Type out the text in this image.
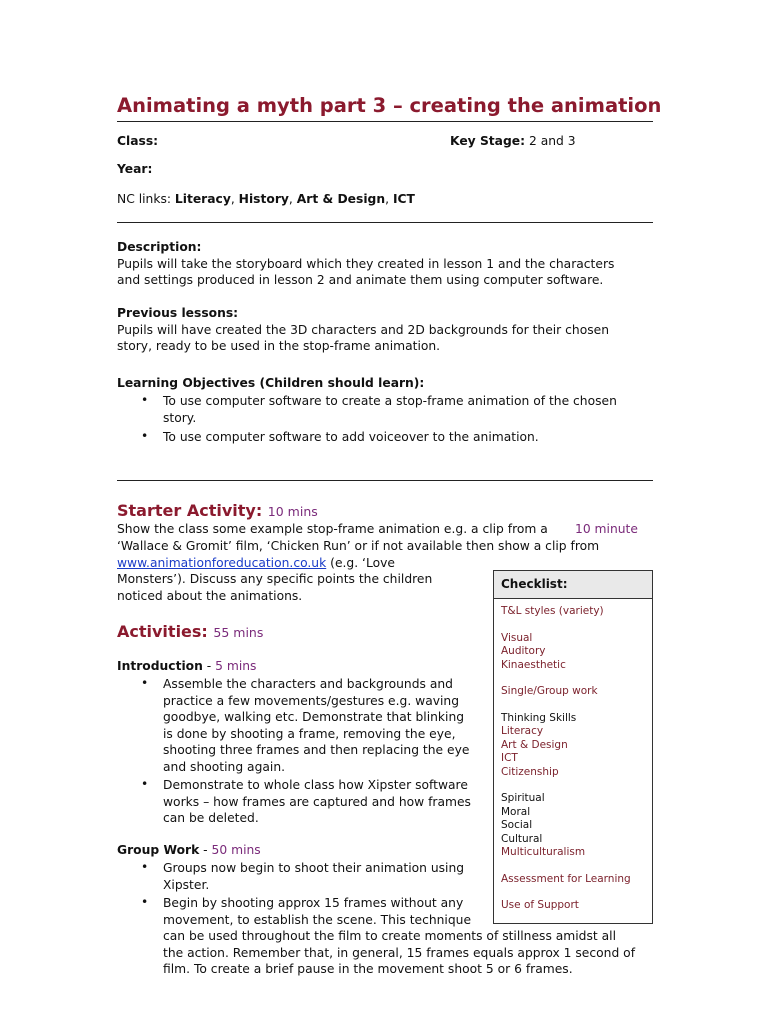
Animating a myth part 3 – creating the animation
Class:	Key Stage: 2 and 3
Year:
NC links: Literacy, History, Art & Design, ICT
Description:
Pupils will take the storyboard which they created in lesson 1 and the characters
and settings produced in lesson 2 and animate them using computer software.
Previous lessons:
Pupils will have created the 3D characters and 2D backgrounds for their chosen
story, ready to be used in the stop-frame animation.
Learning Objectives (Children should learn):
• To use computer software to create a stop-frame animation of the chosen
story.
• To use computer software to add voiceover to the animation.
Starter Activity: 10 mins
Show the class some example stop-frame animation e.g. a clip from a 10 minute
‘Wallace & Gromit’ film, ‘Chicken Run’ or if not available then show a clip from
www.animationforeducation.co.uk (e.g. ‘Love
Monsters’). Discuss any specific points the children
noticed about the animations.
Activities: 55 mins
Introduction - 5 mins
• Assemble the characters and backgrounds and
practice a few movements/gestures e.g. waving
goodbye, walking etc. Demonstrate that blinking
is done by shooting a frame, removing the eye,
shooting three frames and then replacing the eye
and shooting again.
• Demonstrate to whole class how Xipster software
works – how frames are captured and how frames
can be deleted.
Group Work - 50 mins
• Groups now begin to shoot their animation using
Xipster.
• Begin by shooting approx 15 frames without any
movement, to establish the scene. This technique
can be used throughout the film to create moments of stillness amidst all
the action. Remember that, in general, 15 frames equals approx 1 second of
film. To create a brief pause in the movement shoot 5 or 6 frames.
Checklist:
T&L styles (variety)
Visual
Auditory
Kinaesthetic
Single/Group work
Thinking Skills
Literacy
Art & Design
ICT
Citizenship
Spiritual
Moral
Social
Cultural
Multiculturalism
Assessment for Learning
Use of Support
